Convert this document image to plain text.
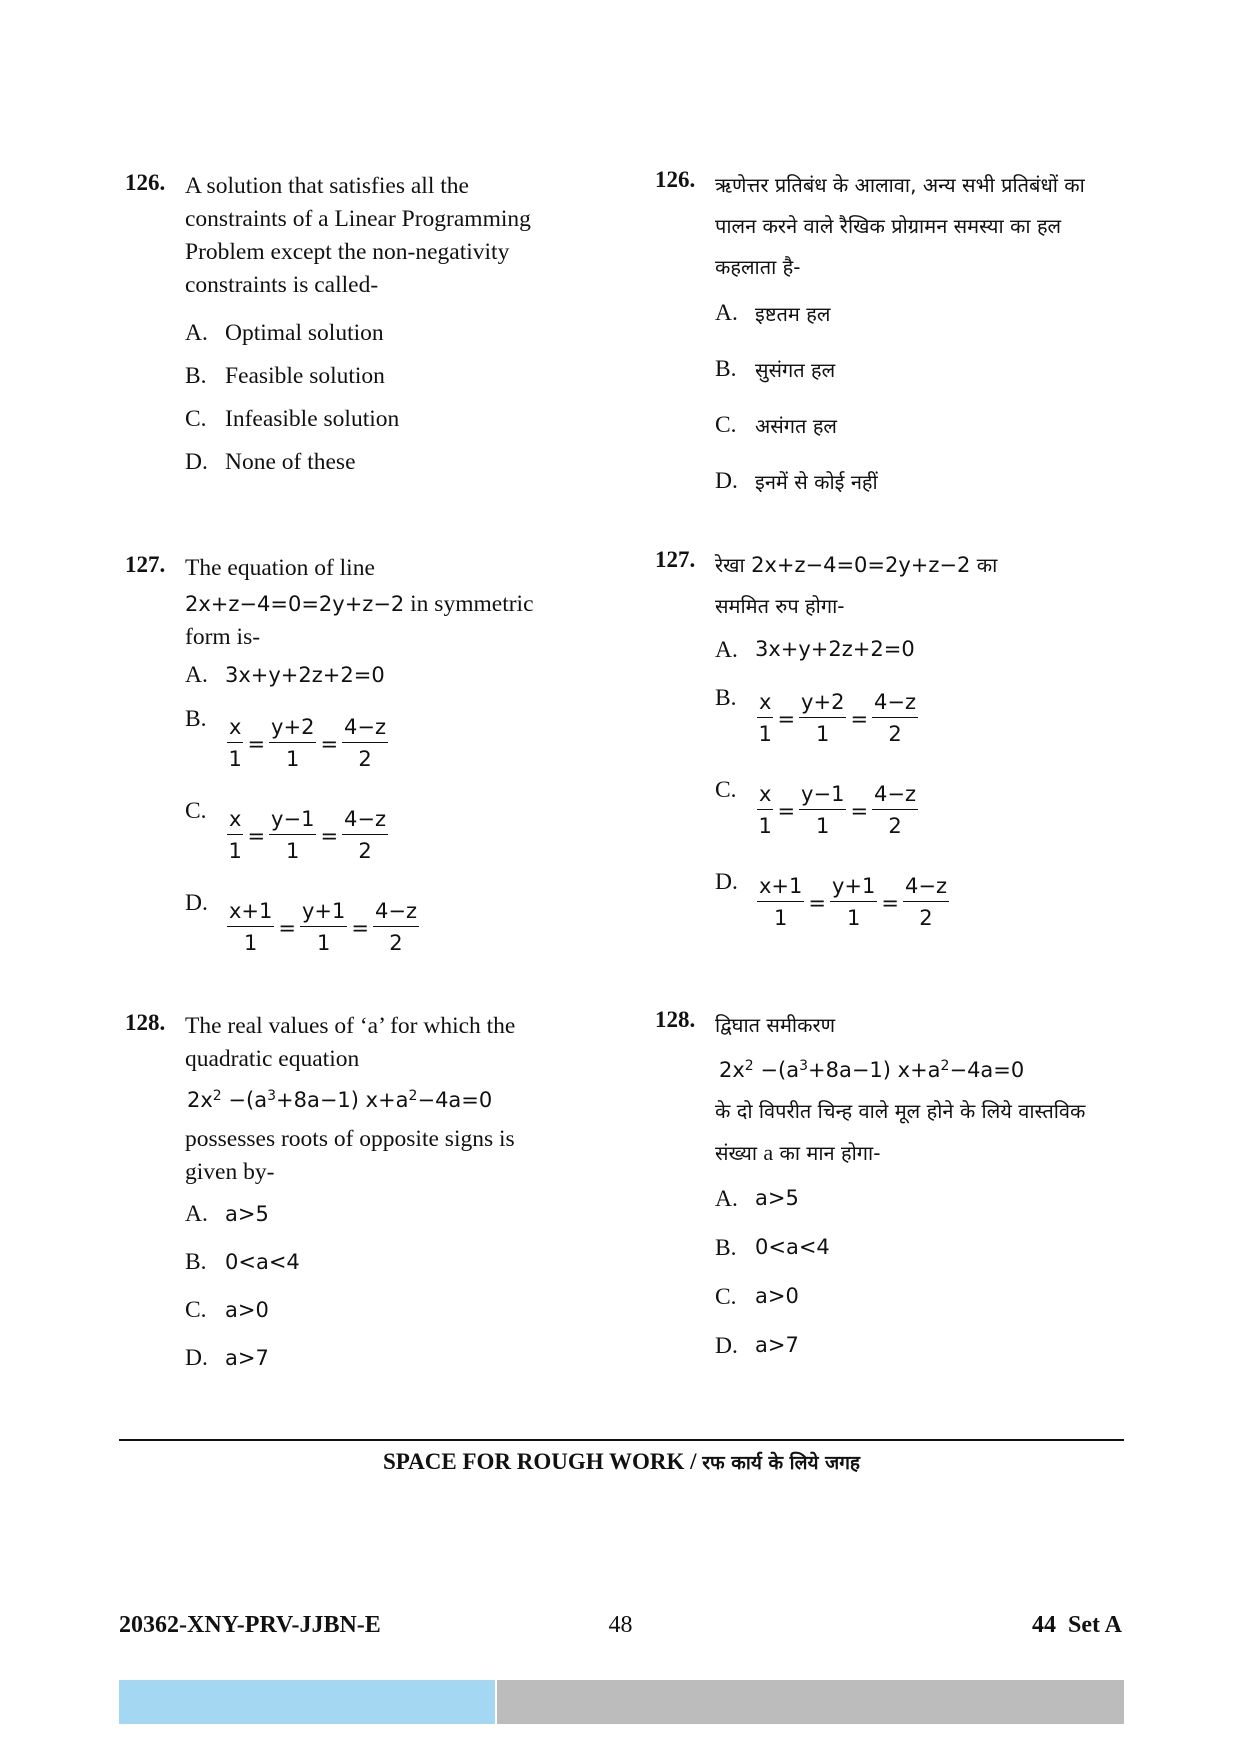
126. A solution that satisfies all the constraints of a Linear Programming Problem except the non-negativity constraints is called-
A. Optimal solution
B. Feasible solution
C. Infeasible solution
D. None of these
127. The equation of line
2x+z−4=0=2y+z−2 in symmetric
form is-
A. 3x+y+2z+2=0
B. $\frac{x}{1} = \frac{y+2}{1} = \frac{4-z}{2}$
C. $\frac{x}{1} = \frac{y-1}{1} = \frac{4-z}{2}$
D. $\frac{x+1}{1} = \frac{y+1}{1} = \frac{4-z}{2}$
128. The real values of ‘a’ for which the quadratic equation
$2x^2 -(a^3+8a-1)$ $x+a^2-4a=0$
possesses roots of opposite signs is given by-
A. a>5
B. 0<a<4
C. a>0
D. a>7
126. ऋणेत्तर प्रतिबंध के आलावा, अन्य सभी प्रतिबंधों का पालन करने वाले रैखिक प्रोग्रामन समस्या का हल कहलाता है-
A. इष्टतम हल
B. सुसंगत हल
C. असंगत हल
D. इनमें से कोई नहीं
127. रेखा 2x+z−4=0=2y+z−2 का
सममित रुप होगा-
A. 3x+y+2z+2=0
B. $\frac{x}{1} = \frac{y+2}{1} = \frac{4-z}{2}$
C. $\frac{x}{1} = \frac{y-1}{1} = \frac{4-z}{2}$
D. $\frac{x+1}{1} = \frac{y+1}{1} = \frac{4-z}{2}$
128. द्विघात समीकरण
$2x^2 -(a^3+8a-1)$ $x+a^2-4a=0$
के दो विपरीत चिन्ह वाले मूल होने के लिये वास्तविक संख्या a का मान होगा-
A. a>5
B. 0<a<4
C. a>0
D. a>7
SPACE FOR ROUGH WORK / रफ कार्य के लिये जगह
20362-XNY-PRV-JJBN-E	48	44  Set A
